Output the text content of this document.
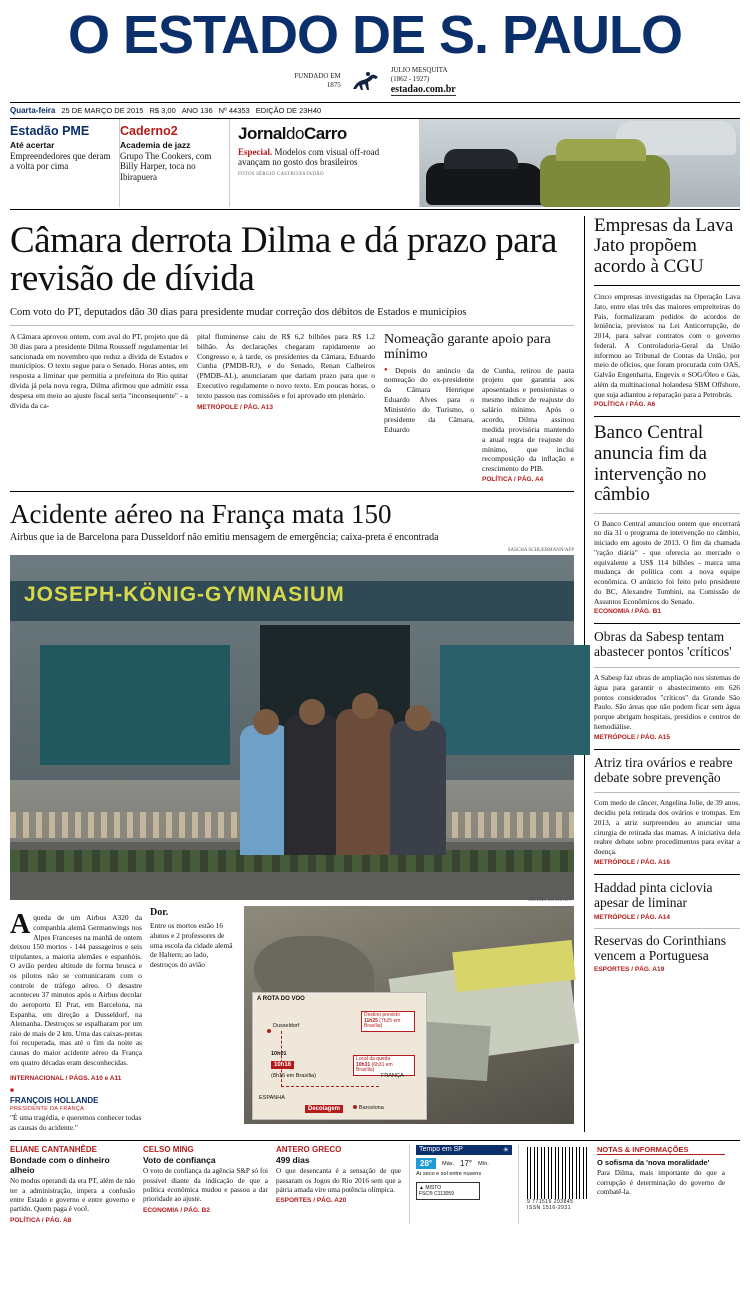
O ESTADO DE S. PAULO
FUNDADO EM
1875
JULIO MESQUITA
(1862 - 1927)
estadao.com.br
Quarta-feira 25 DE MARÇO DE 2015 R$ 3,00 ANO 136 Nº 44353 EDIÇÃO DE 23H40
Estadão PME
Até acertar

Empreendedores que deram a volta por cima

Caderno2
Academia de jazz

Grupo The Cookers, com Billy Harper, toca no Ibirapuera

JornaldoCarro
Especial. Modelos com visual off-road avançam no gosto dos brasileiros
FOTOS SÉRGIO CASTRO/ESTADÃO
Câmara derrota Dilma e dá prazo para revisão de dívida
Com voto do PT, deputados dão 30 dias para presidente mudar correção dos débitos de Estados e municípios

A Câmara aprovou ontem, com aval do PT, projeto que dá 30 dias para a presidente Dilma Rousseff regulamentar lei sancionada em novembro que reduz a dívida de Estados e municípios. O texto segue para o Senado. Horas antes, em resposta a liminar que permitia a prefeitura do Rio quitar dívida já pela nova regra, Dilma afirmou que admitir essa despesa em meio ao ajuste fiscal seria "inconsequente" - a dívida da ca-

pital fluminense caiu de R$ 6,2 bilhões para R$ 1,2 bilhão. Às declarações chegaram rapidamente ao Congresso e, à tarde, os presidentes da Câmara, Eduardo Cunha (PMDB-RJ), e do Senado, Renan Calheiros (PMDB-AL), anunciaram que dariam prazo para que o Executivo regulamente o novo texto. Em poucas horas, o texto passou nas comissões e foi aprovado em plenário.

METRÓPOLE / PÁG. A13
Nomeação garante apoio para mínimo
● Depois do anúncio da nomeação do ex-presidente da Câmara Henrique Eduardo Alves para o Ministério do Turismo, o presidente da Câmara, Eduardo
de Cunha, retirou de pauta projeto que garantia aos aposentados e pensionistas o mesmo índice de reajuste do salário mínimo. Após o acordo, Dilma assinou medida provisória mantendo a atual regra de reajuste do mínimo, que inclui recomposição da inflação e crescimento do PIB.
POLÍTICA / PÁG. A4
Acidente aéreo na França mata 150
Airbus que ia de Barcelona para Dusseldorf não emitiu mensagem de emergência; caixa-preta é encontrada
SASCHA SCHUERMANN/AFP
JOSEPH-KÖNIG-GYMNASIUM

Aqueda de um Airbus A320 da companhia alemã Germanwings nos Alpes Franceses na manhã de ontem deixou 150 mortos - 144 passageiros e seis tripulantes, a maioria alemães e espanhóis. O avião perdeu altitude de forma brusca e os pilotos não se comunicaram com o controle de tráfego aéreo. O desastre aconteceu 37 minutos após o Airbus decolar do aeroporto El Prat, em Barcelona, na Espanha, em direção a Dusseldorf, na Alemanha. Destroços se espalharam por um raio de mais de 2 km. Uma das caixas-pretas foi recuperada, mas até o fim da noite as causas do maior acidente aéreo da França em quatro décadas eram desconhecidas.

INTERNACIONAL / PÁGS. A10 e A11
■
FRANÇOIS HOLLANDE
PRESIDENTE DA FRANÇA
"É uma tragédia, e queremos conhecer todas as causas do acidente."
Dor.
Entre os mortos estão 16 alunos e 2 professores de uma escola da cidade alemã de Haltern; ao lado, destroços do avião
A ROTA DO VOO
Dusseldorf
Destino previsto
11h25 (7h25 em Brasília)
10h16
(8h16 em Brasília)
Local da queda
10h31 (6h31 em Brasília)
Decolagem	Barcelona
ESPANHA
FRANÇA
10h01
CRAXIS ROCK/AFP
Empresas da Lava Jato propõem acordo à CGU

Cinco empresas investigadas na Operação Lava Jato, entre elas três das maiores empreiteiras do País, formalizaram pedidos de acordos de leniência, previstos na Lei Anticorrupção, de 2014, para salvar contratos com o governo federal. A Controladoria-Geral da União informou ao Tribunal de Contas da União, por meio de ofícios, que foram procurada com OAS, Galvão Engenharia, Engevix e SOG/Óleo e Gás, além da multinacional holandesa SBM Offshore, que suja adiantou a reparação para a Petrobrás.

POLÍTICA / PÁG. A6
Banco Central anuncia fim da intervenção no câmbio

O Banco Central anunciou ontem que encerrará no dia 31 o programa de intervenção no câmbio, iniciado em agosto de 2013. O fim da chamada "ração diária" - que oferecia ao mercado o equivalente a US$ 114 bilhões - marca uma mudança de política com a nova equipe econômica. O anúncio foi feito pelo presidente do BC, Alexandre Tombini, na Comissão de Assuntos Econômicos do Senado.

ECONOMIA / PÁG. B1
Obras da Sabesp tentam abastecer pontos 'críticos'

A Sabesp faz obras de ampliação nos sistemas de água para garantir o abastecimento em 626 pontos considerados "críticos" da Grande São Paulo. São áreas que não podem ficar sem água porque abrigam hospitais, presídios e centros de hemodiálise.

METRÓPOLE / PÁG. A15
Atriz tira ovários e reabre debate sobre prevenção

Com medo de câncer, Angelina Jolie, de 39 anos, decidiu pela retirada dos ovários e trompas. Em 2013, a atriz surpreendeu ao anunciar uma cirurgia de retirada das mamas. A iniciativa dela reabre debate sobre procedimentos para evitar a doença.

METRÓPOLE / PÁG. A16
Haddad pinta ciclovia apesar de liminar
METRÓPOLE / PÁG. A14
Reservas do Corinthians vencem a Portuguesa
ESPORTES / PÁG. A19
ELIANE CANTANHÊDE
Bondade com o dinheiro alheio

No modus operandi da era PT, além de não ter a administração, impera a confusão entre Estado e governo e entre governo e partido. Quem paga é você.

POLÍTICA / PÁG. A8
CELSO MING
Voto de confiança

O voto de confiança da agência S&P só foi possível diante da indicação de que a política econômica mudou e passou a dar prioridade ao ajuste.

ECONOMIA / PÁG. B2
ANTERO GRECO
499 dias

O que desencanta é a sensação de que passaram os Jogos do Rio 2016 sem que a pátria amada vire uma potência olímpica.

ESPORTES / PÁG. A20
Tempo em SP	☀
28°	Máx. 17° Mín.
Ar seco e sol entre nuvens
▲ MISTO
FSC® C113059
9 771516 293845
ISSN 1516-2931
NOTAS & INFORMAÇÕES
O sofisma da 'nova moralidade'

Para Dilma, mais importante do que a corrupção é determinação do governo de combatê-la.
